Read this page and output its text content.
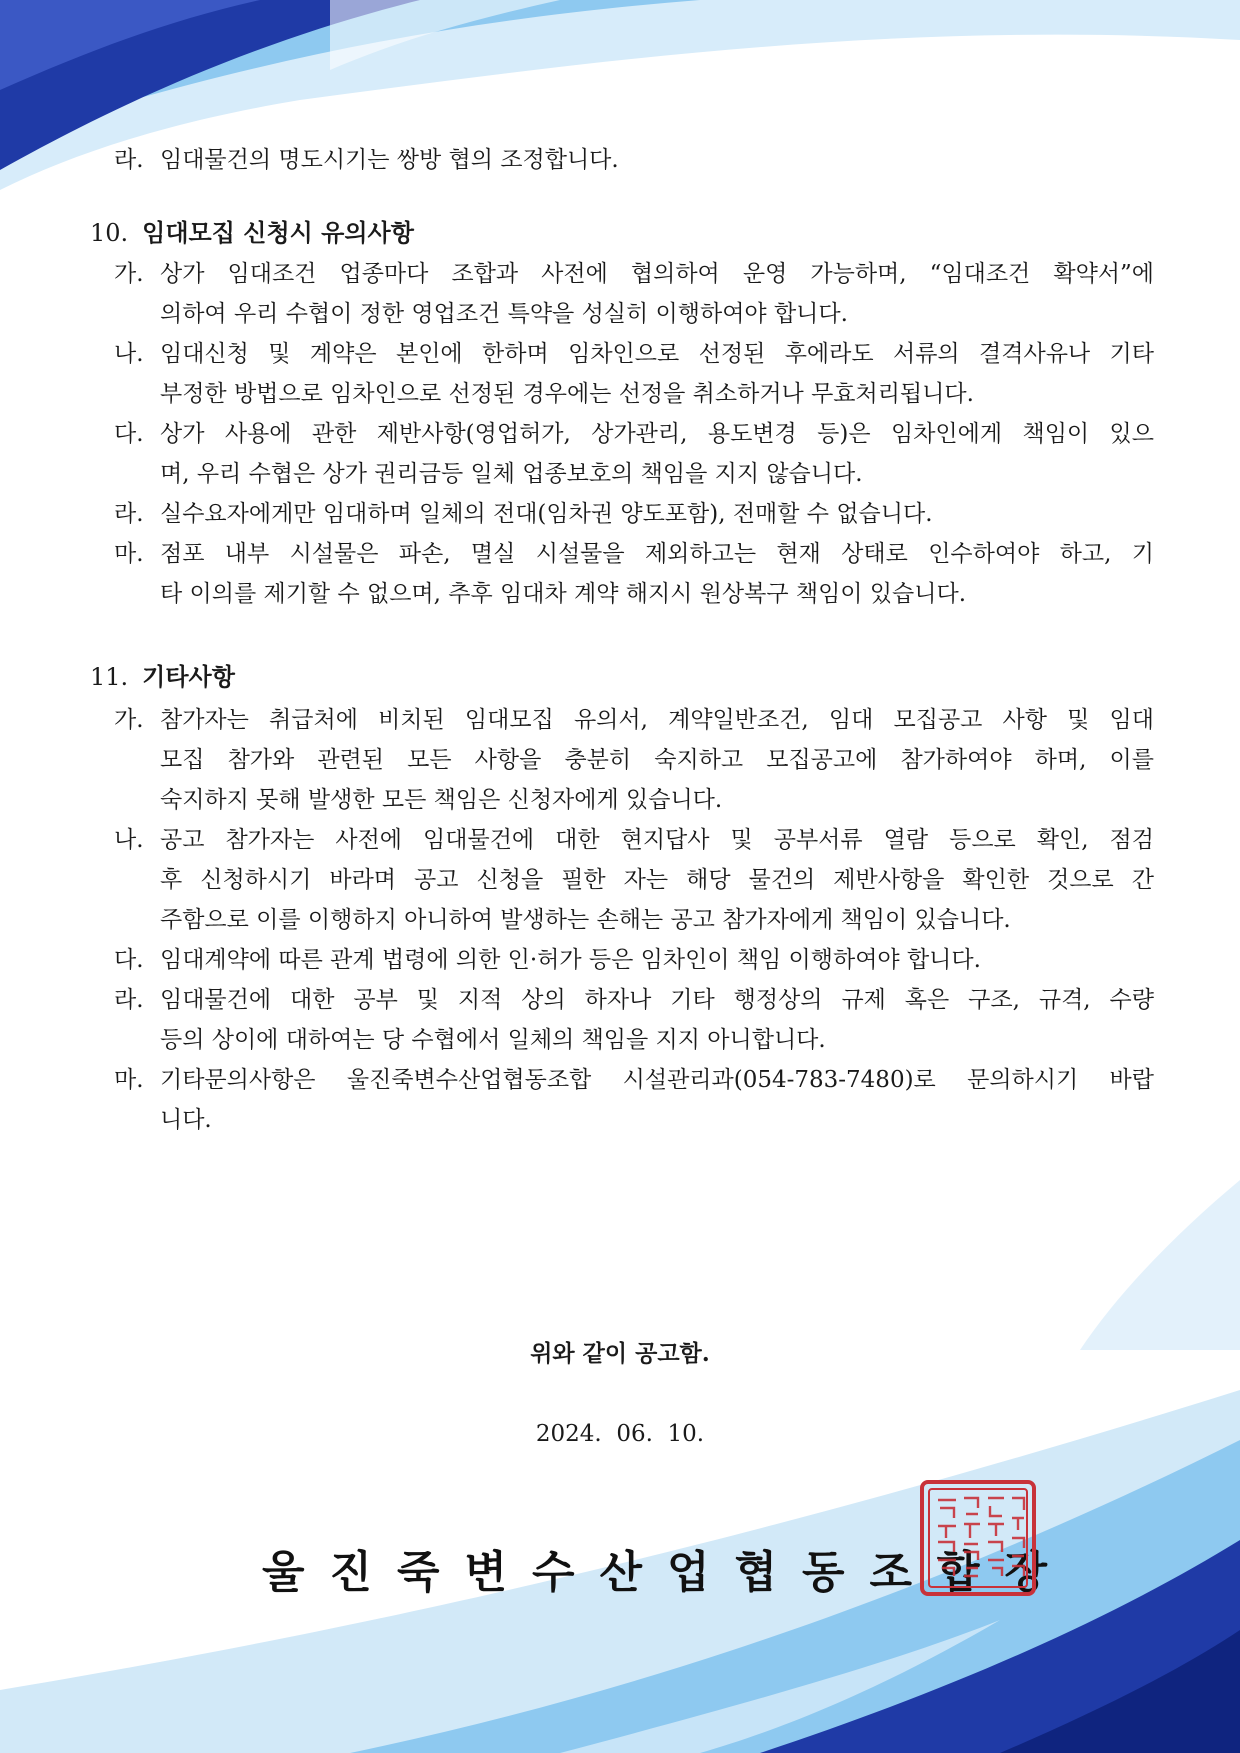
라. 임대물건의 명도시기는 쌍방 협의 조정합니다.
10. 임대모집 신청시 유의사항
가. 상가 임대조건 업종마다 조합과 사전에 협의하여 운영 가능하며, “임대조건 확약서”에
의하여 우리 수협이 정한 영업조건 특약을 성실히 이행하여야 합니다.
나. 임대신청 및 계약은 본인에 한하며 임차인으로 선정된 후에라도 서류의 결격사유나 기타
부정한 방법으로 임차인으로 선정된 경우에는 선정을 취소하거나 무효처리됩니다.
다. 상가 사용에 관한 제반사항(영업허가, 상가관리, 용도변경 등)은 임차인에게 책임이 있으
며, 우리 수협은 상가 권리금등 일체 업종보호의 책임을 지지 않습니다.
라. 실수요자에게만 임대하며 일체의 전대(임차권 양도포함), 전매할 수 없습니다.
마. 점포 내부 시설물은 파손, 멸실 시설물을 제외하고는 현재 상태로 인수하여야 하고, 기
타 이의를 제기할 수 없으며, 추후 임대차 계약 해지시 원상복구 책임이 있습니다.
11. 기타사항
가. 참가자는 취급처에 비치된 임대모집 유의서, 계약일반조건, 임대 모집공고 사항 및 임대
모집 참가와 관련된 모든 사항을 충분히 숙지하고 모집공고에 참가하여야 하며, 이를
숙지하지 못해 발생한 모든 책임은 신청자에게 있습니다.
나. 공고 참가자는 사전에 임대물건에 대한 현지답사 및 공부서류 열람 등으로 확인, 점검
후 신청하시기 바라며 공고 신청을 필한 자는 해당 물건의 제반사항을 확인한 것으로 간
주함으로 이를 이행하지 아니하여 발생하는 손해는 공고 참가자에게 책임이 있습니다.
다. 임대계약에 따른 관계 법령에 의한 인·허가 등은 임차인이 책임 이행하여야 합니다.
라. 임대물건에 대한 공부 및 지적 상의 하자나 기타 행정상의 규제 혹은 구조, 규격, 수량
등의 상이에 대하여는 당 수협에서 일체의 책임을 지지 아니합니다.
마. 기타문의사항은 울진죽변수산업협동조합 시설관리과(054-783-7480)로 문의하시기 바랍
니다.
위와 같이 공고함.
2024.  06.  10.
울진죽변수산업협동조합장
